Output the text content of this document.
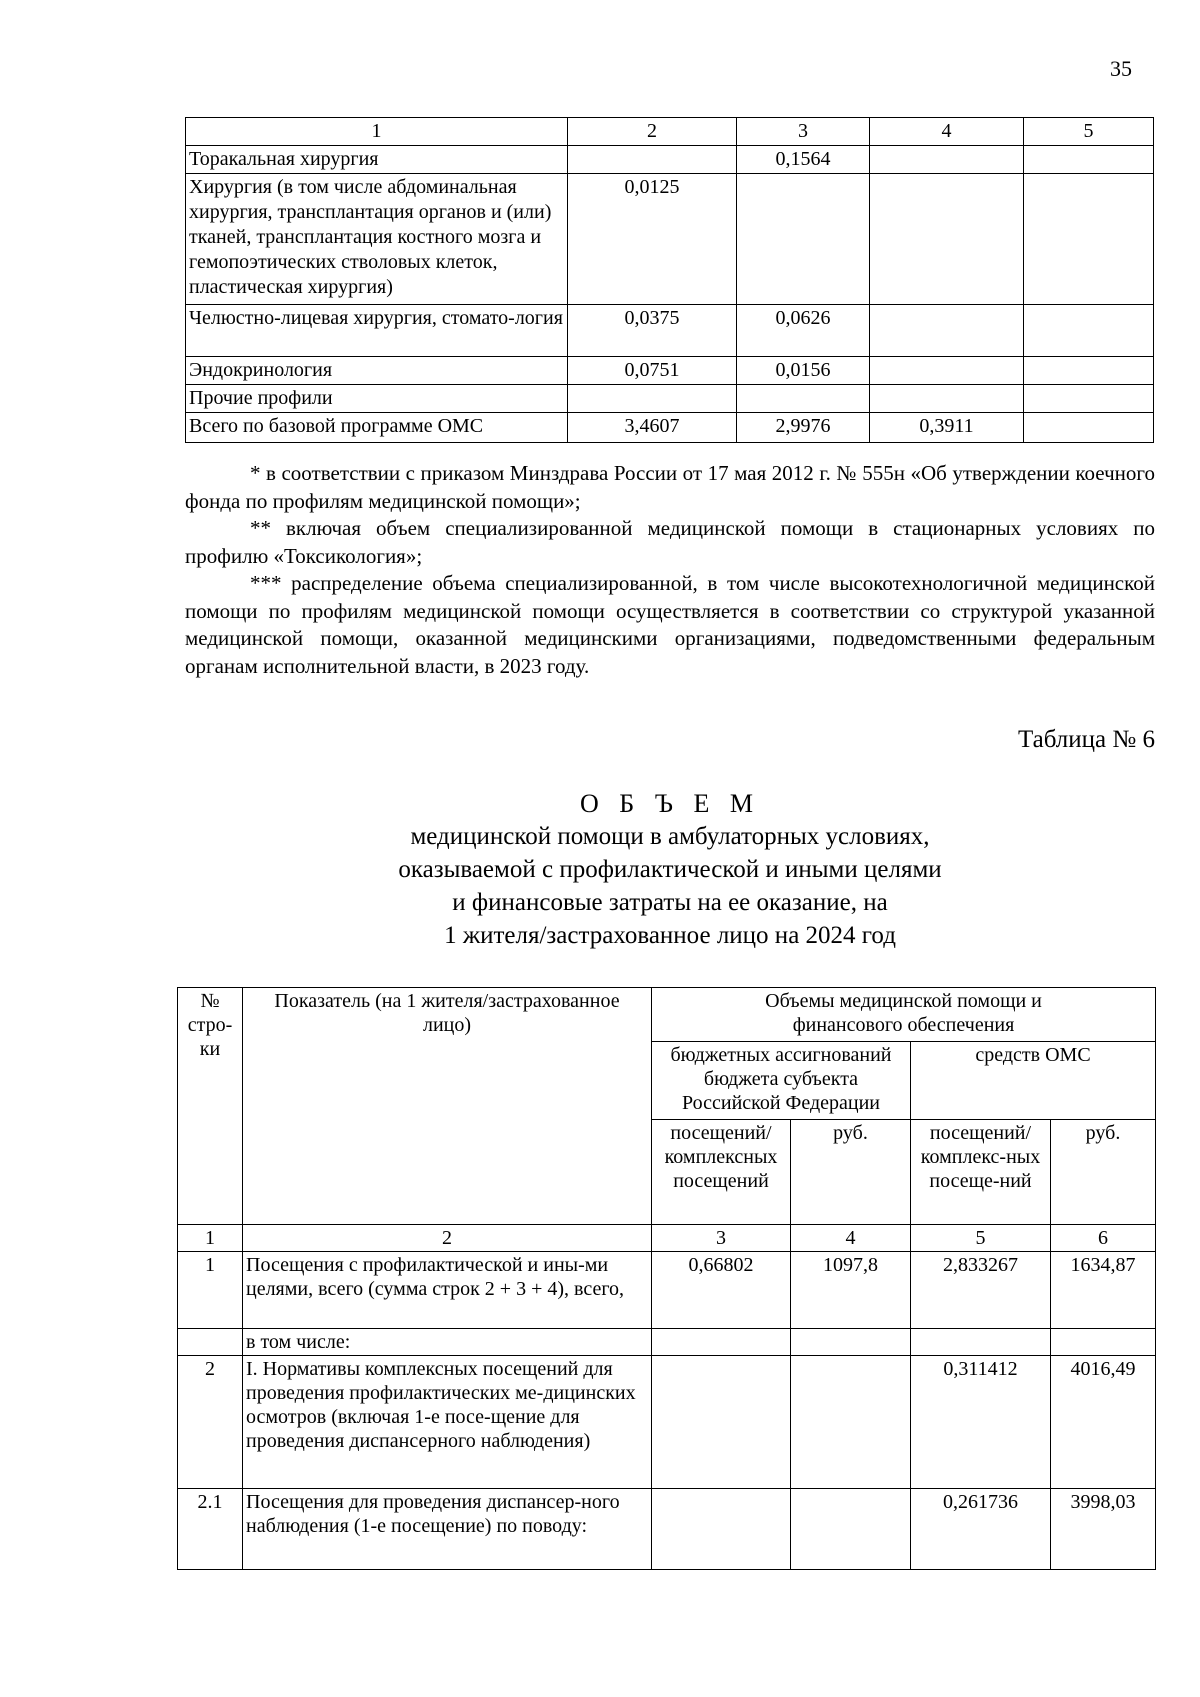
35
1	2	3	4	5
Торакальная хирургия		0,1564		
Хирургия (в том числе абдоминальная хирургия, трансплантация органов и (или) тканей, трансплантация костного мозга и гемопоэтических стволовых клеток, пластическая хирургия)	0,0125			
Челюстно-лицевая хирургия, стомато-логия	0,0375	0,0626		
Эндокринология	0,0751	0,0156		
Прочие профили				
Всего по базовой программе ОМС	3,4607	2,9976	0,3911	

* в соответствии с приказом Минздрава России от 17 мая 2012 г. № 555н «Об утверждении коечного фонда по профилям медицинской помощи»;

** включая объем специализированной медицинской помощи в стационарных условиях по профилю «Токсикология»;

*** распределение объема специализированной, в том числе высокотехнологичной медицинской помощи по профилям медицинской помощи осуществляется в соответствии со структурой указанной медицинской помощи, оказанной медицинскими организациями, подведомственными федеральным органам исполнительной власти, в 2023 году.

Таблица № 6
О Б Ъ Е М
медицинской помощи в амбулаторных условиях,
оказываемой с профилактической и иными целями
и финансовые затраты на ее оказание, на
1 жителя/застрахованное лицо на 2024 год
№ стро-ки	Показатель (на 1 жителя/застрахованное лицо)	Объемы медицинской помощи и финансового обеспечения			
		бюджетных ассигнований бюджета субъекта Российской Федерации		средств ОМС	
		посещений/ комплексных посещений	руб.	посещений/ комплекс-ных посеще-ний	руб.
1	2	3	4	5	6
1	Посещения с профилактической и ины-ми целями, всего (сумма строк 2 + 3 + 4), всего,	0,66802	1097,8	2,833267	1634,87
	в том числе:				
2	I. Нормативы комплексных посещений для проведения профилактических ме-дицинских осмотров (включая 1-е посе-щение для проведения диспансерного наблюдения)			0,311412	4016,49
2.1	Посещения для проведения диспансер-ного наблюдения (1-е посещение) по поводу:			0,261736	3998,03
